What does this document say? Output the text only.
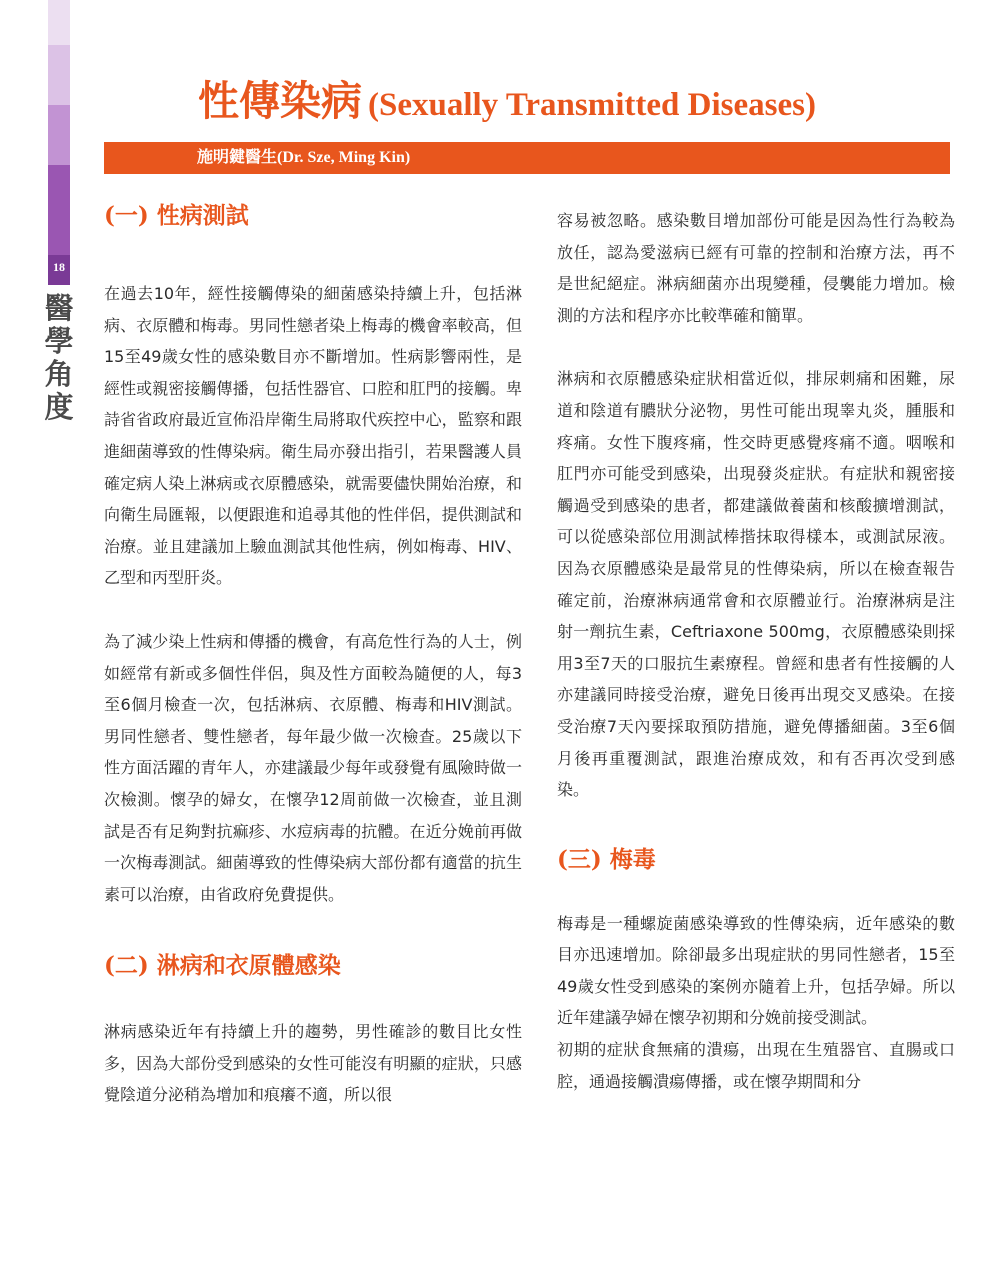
18
醫學角度
性傳染病 (Sexually Transmitted Diseases)
施明鍵醫生(Dr. Sze, Ming Kin)
(一) 性病測試

在過去10年，經性接觸傳染的細菌感染持續上升，包括淋病、衣原體和梅毒。男同性戀者染上梅毒的機會率較高，但15至49歲女性的感染數目亦不斷增加。性病影響兩性，是經性或親密接觸傳播，包括性器官、口腔和肛門的接觸。卑詩省省政府最近宣佈沿岸衛生局將取代疾控中心，監察和跟進細菌導致的性傳染病。衛生局亦發出指引，若果醫護人員確定病人染上淋病或衣原體感染，就需要儘快開始治療，和向衛生局匯報，以便跟進和追尋其他的性伴侶，提供測試和治療。並且建議加上驗血測試其他性病，例如梅毒、HIV、乙型和丙型肝炎。

為了減少染上性病和傳播的機會，有高危性行為的人士，例如經常有新或多個性伴侶，與及性方面較為隨便的人，每3至6個月檢查一次，包括淋病、衣原體、梅毒和HIV測試。男同性戀者、雙性戀者，每年最少做一次檢查。25歲以下性方面活躍的青年人，亦建議最少每年或發覺有風險時做一次檢測。懷孕的婦女，在懷孕12周前做一次檢查，並且測試是否有足夠對抗痲疹、水痘病毒的抗體。在近分娩前再做一次梅毒測試。細菌導致的性傳染病大部份都有適當的抗生素可以治療，由省政府免費提供。

(二) 淋病和衣原體感染

淋病感染近年有持續上升的趨勢，男性確診的數目比女性多，因為大部份受到感染的女性可能沒有明顯的症狀，只感覺陰道分泌稍為增加和痕癢不適，所以很

容易被忽略。感染數目增加部份可能是因為性行為較為放任，認為愛滋病已經有可靠的控制和治療方法，再不是世紀絕症。淋病細菌亦出現變種，侵襲能力增加。檢測的方法和程序亦比較準確和簡單。

淋病和衣原體感染症狀相當近似，排尿刺痛和困難，尿道和陰道有膿狀分泌物，男性可能出現睾丸炎，腫脹和疼痛。女性下腹疼痛，性交時更感覺疼痛不適。咽喉和肛門亦可能受到感染，出現發炎症狀。有症狀和親密接觸過受到感染的患者，都建議做養菌和核酸擴增測試，可以從感染部位用測試棒揩抹取得樣本，或測試尿液。因為衣原體感染是最常見的性傳染病，所以在檢查報告確定前，治療淋病通常會和衣原體並行。治療淋病是注射一劑抗生素，Ceftriaxone 500mg，衣原體感染則採用3至7天的口服抗生素療程。曾經和患者有性接觸的人亦建議同時接受治療，避免日後再出現交叉感染。在接受治療7天內要採取預防措施，避免傳播細菌。3至6個月後再重覆測試，跟進治療成效，和有否再次受到感染。

(三) 梅毒

梅毒是一種螺旋菌感染導致的性傳染病，近年感染的數目亦迅速增加。除卻最多出現症狀的男同性戀者，15至49歲女性受到感染的案例亦隨着上升，包括孕婦。所以近年建議孕婦在懷孕初期和分娩前接受測試。

初期的症狀食無痛的潰瘍，出現在生殖器官、直腸或口腔，通過接觸潰瘍傳播，或在懷孕期間和分
